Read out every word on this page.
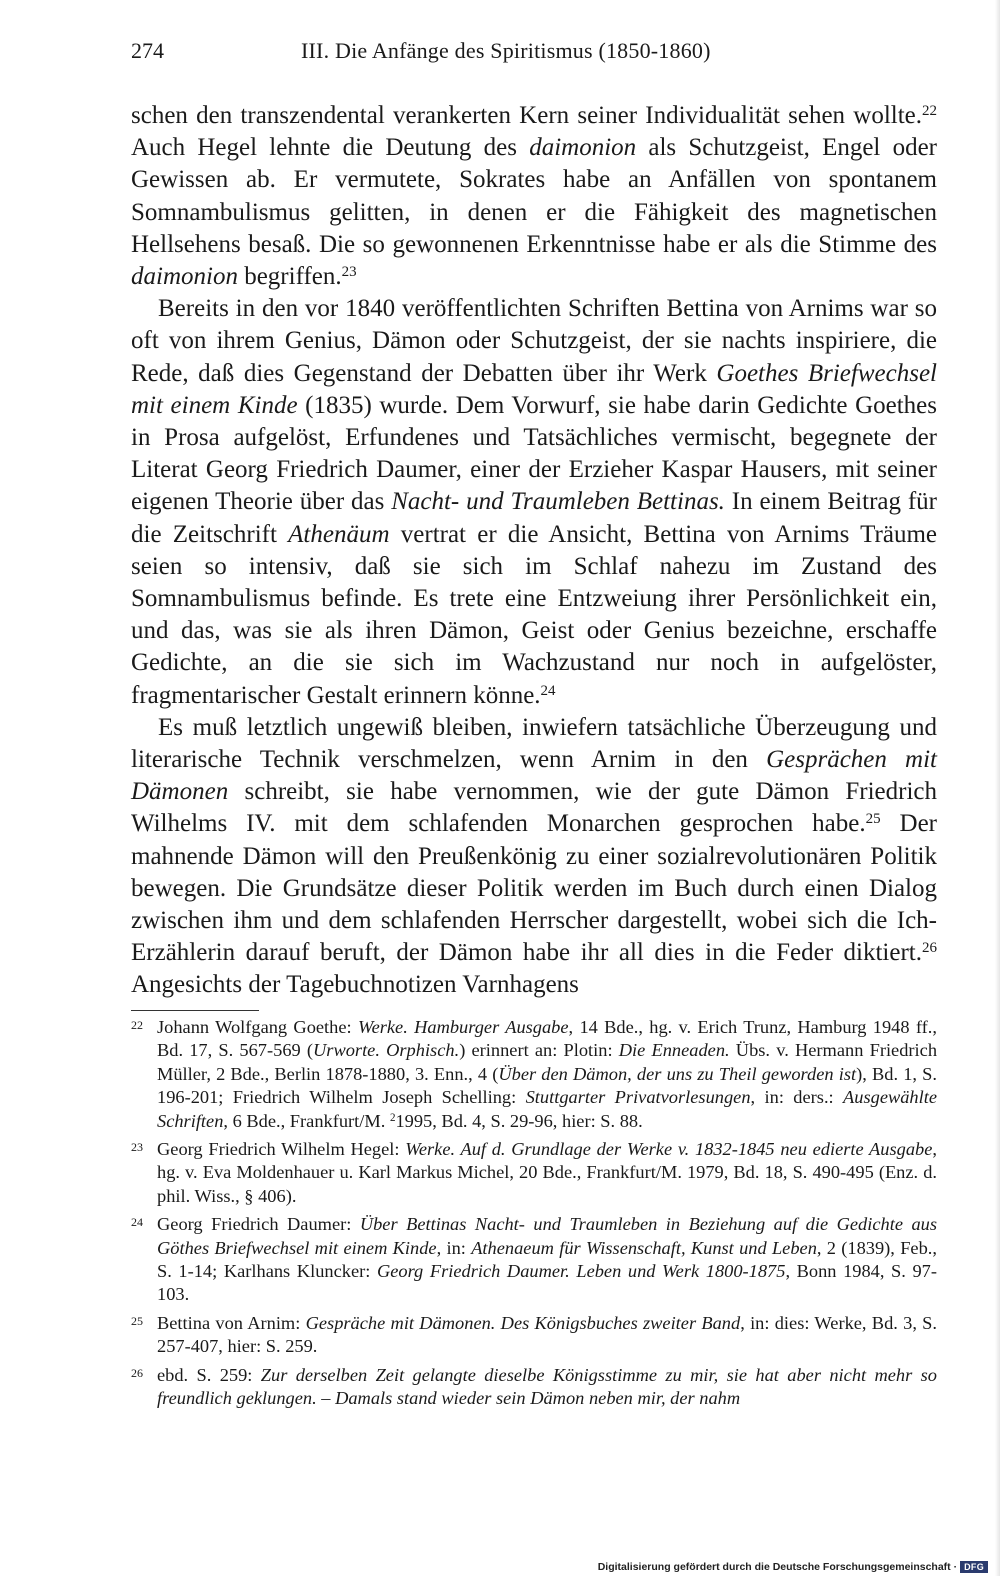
274	III. Die Anfänge des Spiritismus (1850-1860)

schen den transzendental verankerten Kern seiner Individualität sehen wollte.$^{22}$ Auch Hegel lehnte die Deutung des daimonion als Schutzgeist, Engel oder Gewissen ab. Er vermutete, Sokrates habe an Anfällen von spontanem Somnambulismus gelitten, in denen er die Fähigkeit des magnetischen Hellsehens besaß. Die so gewonnenen Erkenntnisse habe er als die Stimme des daimonion begriffen.$^{23}$

Bereits in den vor 1840 veröffentlichten Schriften Bettina von Arnims war so oft von ihrem Genius, Dämon oder Schutzgeist, der sie nachts inspiriere, die Rede, daß dies Gegenstand der Debatten über ihr Werk Goethes Briefwechsel mit einem Kinde (1835) wurde. Dem Vorwurf, sie habe darin Gedichte Goethes in Prosa aufgelöst, Erfundenes und Tatsächliches vermischt, begegnete der Literat Georg Friedrich Daumer, einer der Erzieher Kaspar Hausers, mit seiner eigenen Theorie über das Nacht- und Traumleben Bettinas. In einem Beitrag für die Zeitschrift Athenäum vertrat er die Ansicht, Bettina von Arnims Träume seien so intensiv, daß sie sich im Schlaf nahezu im Zustand des Somnambulismus befinde. Es trete eine Entzweiung ihrer Persönlichkeit ein, und das, was sie als ihren Dämon, Geist oder Genius bezeichne, erschaffe Gedichte, an die sie sich im Wachzustand nur noch in aufgelöster, fragmentarischer Gestalt erinnern könne.$^{24}$

Es muß letztlich ungewiß bleiben, inwiefern tatsächliche Überzeugung und literarische Technik verschmelzen, wenn Arnim in den Gesprächen mit Dämonen schreibt, sie habe vernommen, wie der gute Dämon Friedrich Wilhelms IV. mit dem schlafenden Monarchen gesprochen habe.$^{25}$ Der mahnende Dämon will den Preußenkönig zu einer sozialrevolutionären Politik bewegen. Die Grundsätze dieser Politik werden im Buch durch einen Dialog zwischen ihm und dem schlafenden Herrscher dargestellt, wobei sich die Ich-Erzählerin darauf beruft, der Dämon habe ihr all dies in die Feder diktiert.$^{26}$ Angesichts der Tagebuchnotizen Varnhagens

22 Johann Wolfgang Goethe: Werke. Hamburger Ausgabe, 14 Bde., hg. v. Erich Trunz, Hamburg 1948 ff., Bd. 17, S. 567-569 (Urworte. Orphisch.) erinnert an: Plotin: Die Enneaden. Übs. v. Hermann Friedrich Müller, 2 Bde., Berlin 1878-1880, 3. Enn., 4 (Über den Dämon, der uns zu Theil geworden ist), Bd. 1, S. 196-201; Friedrich Wilhelm Joseph Schelling: Stuttgarter Privatvorlesungen, in: ders.: Ausgewählte Schriften, 6 Bde., Frankfurt/M. $^2$1995, Bd. 4, S. 29-96, hier: S. 88.
23 Georg Friedrich Wilhelm Hegel: Werke. Auf d. Grundlage der Werke v. 1832-1845 neu edierte Ausgabe, hg. v. Eva Moldenhauer u. Karl Markus Michel, 20 Bde., Frankfurt/M. 1979, Bd. 18, S. 490-495 (Enz. d. phil. Wiss., § 406).
24 Georg Friedrich Daumer: Über Bettinas Nacht- und Traumleben in Beziehung auf die Gedichte aus Göthes Briefwechsel mit einem Kinde, in: Athenaeum für Wissenschaft, Kunst und Leben, 2 (1839), Feb., S. 1-14; Karlhans Kluncker: Georg Friedrich Daumer. Leben und Werk 1800-1875, Bonn 1984, S. 97-103.
25 Bettina von Arnim: Gespräche mit Dämonen. Des Königsbuches zweiter Band, in: dies: Werke, Bd. 3, S. 257-407, hier: S. 259.
26 ebd. S. 259: Zur derselben Zeit gelangte dieselbe Königsstimme zu mir, sie hat aber nicht mehr so freundlich geklungen. – Damals stand wieder sein Dämon neben mir, der nahm
Digitalisierung gefördert durch die Deutsche Forschungsgemeinschaft · DFG
